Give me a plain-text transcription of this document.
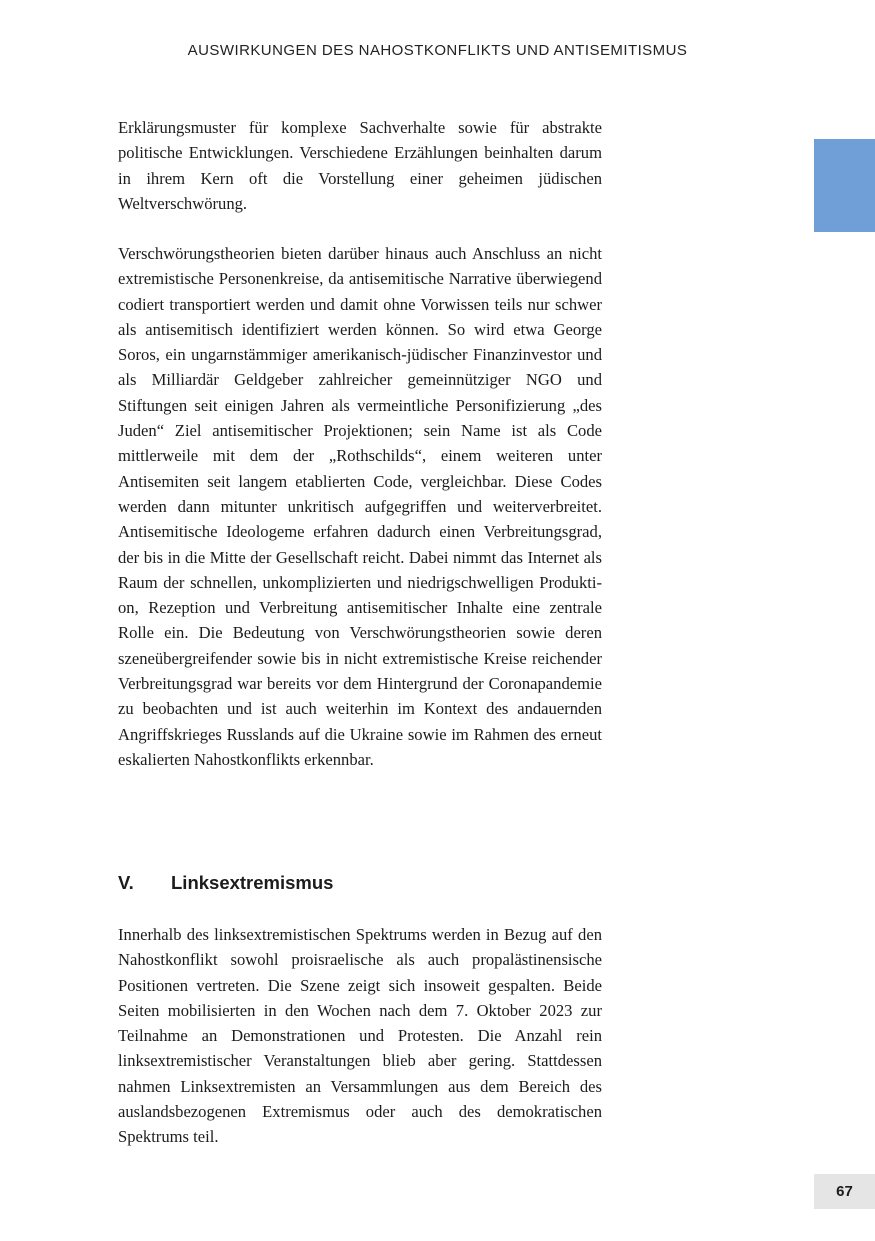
AUSWIRKUNGEN DES NAHOSTKONFLIKTS UND ANTISEMITISMUS

Erklärungsmuster für komplexe Sachverhalte sowie für abstrakte politische Entwicklungen. Verschiedene Erzählungen beinhalten darum in ihrem Kern oft die Vorstellung einer geheimen jüdischen Weltverschwörung.

Verschwörungstheorien bieten darüber hinaus auch Anschluss an nicht extremistische Personenkreise, da antisemitische Narrative überwiegend codiert transportiert werden und damit ohne Vorwissen teils nur schwer als antisemitisch identifiziert werden können. So wird etwa George Soros, ein ungarnstämmiger amerikanisch-jüdischer Finanzinvestor und als Milliardär Geldgeber zahlreicher gemeinnütziger NGO und Stiftungen seit einigen Jahren als vermeintliche Personifizierung „des Juden“ Ziel antisemitischer Projektionen; sein Name ist als Code mittlerweile mit dem der „Rothschilds“, einem weiteren unter Antisemiten seit langem etablierten Code, vergleichbar. Diese Codes werden dann mitunter unkritisch aufgegriffen und weiterverbreitet. Antisemitische Ideologeme erfahren dadurch einen Verbreitungsgrad, der bis in die Mitte der Gesellschaft reicht. Dabei nimmt das Internet als Raum der schnellen, unkomplizierten und niedrigschwelligen Produktion, Rezeption und Verbreitung antisemitischer Inhalte eine zentrale Rolle ein. Die Bedeutung von Verschwörungstheorien sowie deren szeneübergreifender sowie bis in nicht extremistische Kreise reichender Verbreitungsgrad war bereits vor dem Hintergrund der Coronapandemie zu beobachten und ist auch weiterhin im Kontext des andauernden Angriffskrieges Russlands auf die Ukraine sowie im Rahmen des erneut eskalierten Nahostkonflikts erkennbar.

V. Linksextremismus

Innerhalb des linksextremistischen Spektrums werden in Bezug auf den Nahostkonflikt sowohl proisraelische als auch propalästinensische Positionen vertreten. Die Szene zeigt sich insoweit gespalten. Beide Seiten mobilisierten in den Wochen nach dem 7. Oktober 2023 zur Teilnahme an Demonstrationen und Protesten. Die Anzahl rein linksextremistischer Veranstaltungen blieb aber gering. Stattdessen nahmen Linksextremisten an Versammlungen aus dem Bereich des auslandsbezogenen Extremismus oder auch des demokratischen Spektrums teil.

67
